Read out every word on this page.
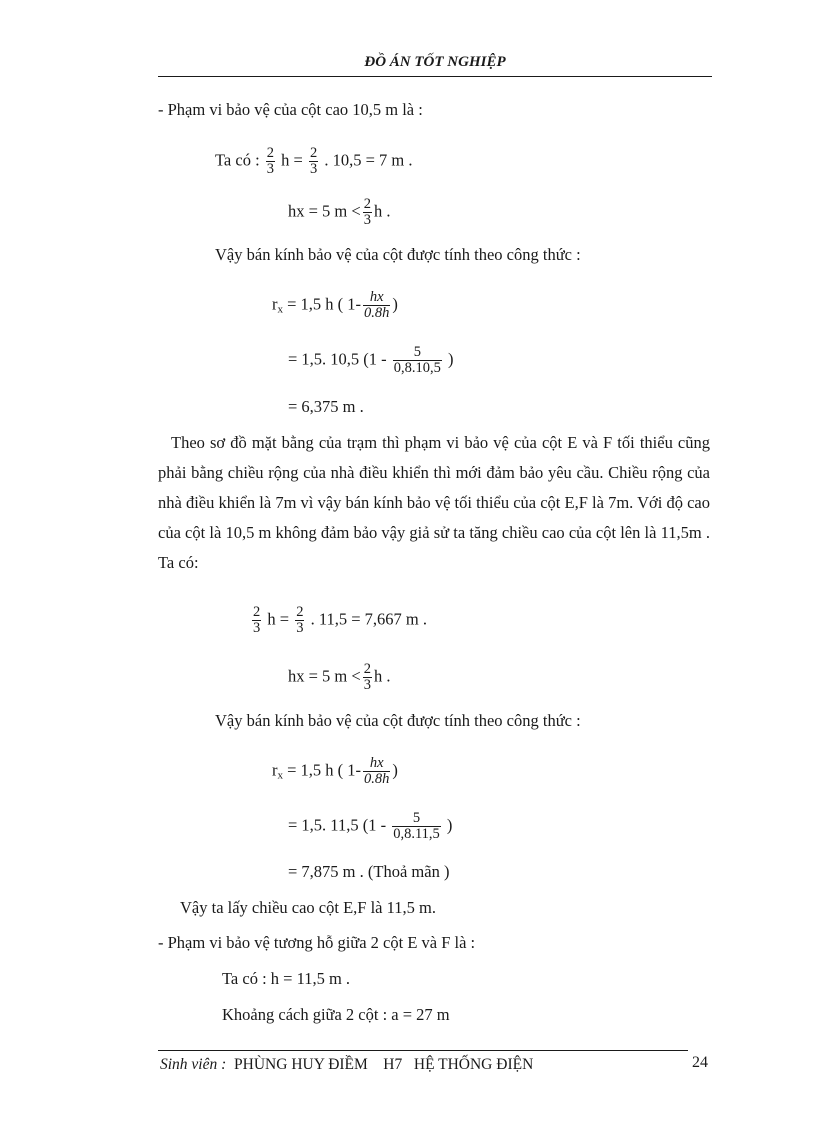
ĐỒ ÁN TỐT NGHIỆP
- Phạm vi bảo vệ của cột cao 10,5 m là :
Ta có : $\frac{2}{3}$ $h = \frac{2}{3}$ . 10,5 = 7 m .
hx = 5 $m < \frac{2}{3}$ h .
Vậy bán kính bảo vệ của cột được tính theo công thức :
$r_x = 1,5$ h ( $1- \frac{hx}{0.8h}$ )
= 1,5. 10,5 ($1 - \frac{5}{0,8.10,5}$ )
= 6,375 m .
Theo sơ đồ mặt bằng của trạm thì phạm vi bảo vệ của cột E và F tối thiểu cũng phải bằng chiều rộng của nhà điều khiển thì mới đảm bảo yêu cầu. Chiều rộng của nhà điều khiển là 7m vì vậy bán kính bảo vệ tối thiểu của cột E,F là 7m. Với độ cao của cột là 10,5 m không đảm bảo vậy giả sử ta tăng chiều cao của cột lên là 11,5m . Ta có:
$\frac{2}{3}$ $h = \frac{2}{3}$ . 11,5 = 7,667 m .
hx = 5 $m < \frac{2}{3}$ h .
Vậy bán kính bảo vệ của cột được tính theo công thức :
$r_x = 1,5$ h ( $1- \frac{hx}{0.8h}$ )
= 1,5. 11,5 ($1 - \frac{5}{0,8.11,5}$ )
= 7,875 m . (Thoả mãn )
Vậy ta lấy chiều cao cột E,F là 11,5 m.
- Phạm vi bảo vệ tương hỗ giữa 2 cột E và F là :
Ta có : h = 11,5 m .
Khoảng cách giữa 2 cột : a = 27 m
Sinh viên : PHÙNG HUY ĐIỀM    H7   HỆ THỐNG ĐIỆN	24
